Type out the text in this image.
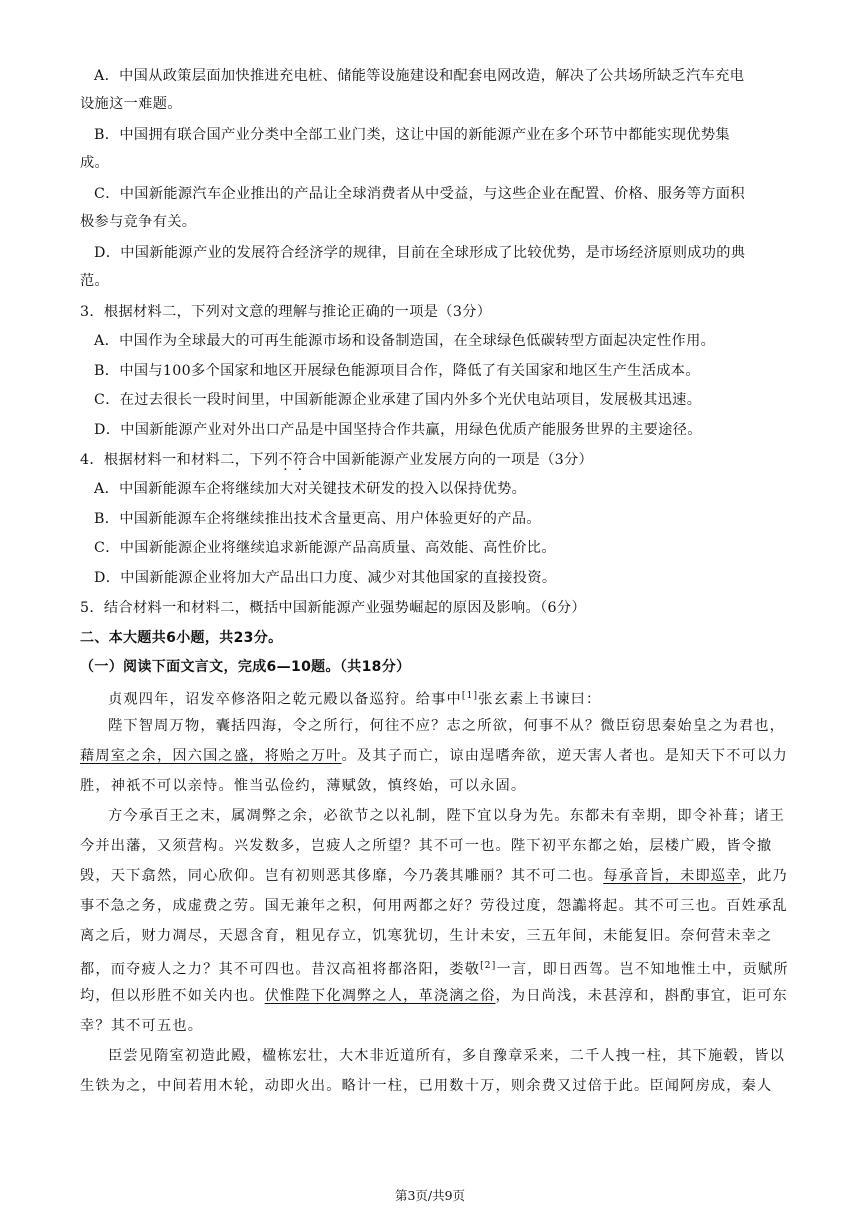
A．中国从政策层面加快推进充电桩、储能等设施建设和配套电网改造，解决了公共场所缺乏汽车充电
设施这一难题。
B．中国拥有联合国产业分类中全部工业门类，这让中国的新能源产业在多个环节中都能实现优势集
成。
C．中国新能源汽车企业推出的产品让全球消费者从中受益，与这些企业在配置、价格、服务等方面积
极参与竞争有关。
D．中国新能源产业的发展符合经济学的规律，目前在全球形成了比较优势，是市场经济原则成功的典
范。
3．根据材料二，下列对文意的理解与推论正确的一项是（3分）
A．中国作为全球最大的可再生能源市场和设备制造国，在全球绿色低碳转型方面起决定性作用。
B．中国与100多个国家和地区开展绿色能源项目合作，降低了有关国家和地区生产生活成本。
C．在过去很长一段时间里，中国新能源企业承建了国内外多个光伏电站项目，发展极其迅速。
D．中国新能源产业对外出口产品是中国坚持合作共赢，用绿色优质产能服务世界的主要途径。
4．根据材料一和材料二，下列不符合中国新能源产业发展方向的一项是（3分）
A．中国新能源车企将继续加大对关键技术研发的投入以保持优势。
B．中国新能源车企将继续推出技术含量更高、用户体验更好的产品。
C．中国新能源企业将继续追求新能源产品高质量、高效能、高性价比。
D．中国新能源企业将加大产品出口力度、减少对其他国家的直接投资。
5．结合材料一和材料二，概括中国新能源产业强势崛起的原因及影响。（6分）
二、本大题共6小题，共23分。
（一）阅读下面文言文，完成6—10题。（共18分）
贞观四年，诏发卒修洛阳之乾元殿以备巡狩。给事中[1]张玄素上书谏曰：
陛下智周万物，囊括四海，令之所行，何往不应？志之所欲，何事不从？微臣窃思秦始皇之为君也，
藉周室之余，因六国之盛，将贻之万叶。及其子而亡，谅由逞嗜奔欲，逆天害人者也。是知天下不可以力
胜，神祇不可以亲恃。惟当弘俭约，薄赋敛，慎终始，可以永固。
方今承百王之末，属凋弊之余，必欲节之以礼制，陛下宜以身为先。东都未有幸期，即令补葺；诸王
今并出藩，又须营构。兴发数多，岂疲人之所望？其不可一也。陛下初平东都之始，层楼广殿，皆令撤
毁，天下翕然，同心欣仰。岂有初则恶其侈靡，今乃袭其雕丽？其不可二也。每承音旨，未即巡幸，此乃
事不急之务，成虚费之劳。国无兼年之积，何用两都之好？劳役过度，怨讟将起。其不可三也。百姓承乱
离之后，财力凋尽，天恩含育，粗见存立，饥寒犹切，生计未安，三五年间，未能复旧。奈何营未幸之
都，而夺疲人之力？其不可四也。昔汉高祖将都洛阳，娄敬[2]一言，即日西驾。岂不知地惟土中，贡赋所
均，但以形胜不如关内也。伏惟陛下化凋弊之人，革浇漓之俗，为日尚浅，未甚淳和，斟酌事宜，讵可东
幸？其不可五也。
臣尝见隋室初造此殿，楹栋宏壮，大木非近道所有，多自豫章采来，二千人拽一柱，其下施毂，皆以
生铁为之，中间若用木轮，动即火出。略计一柱，已用数十万，则余费又过倍于此。臣闻阿房成，秦人
第3页/共9页
